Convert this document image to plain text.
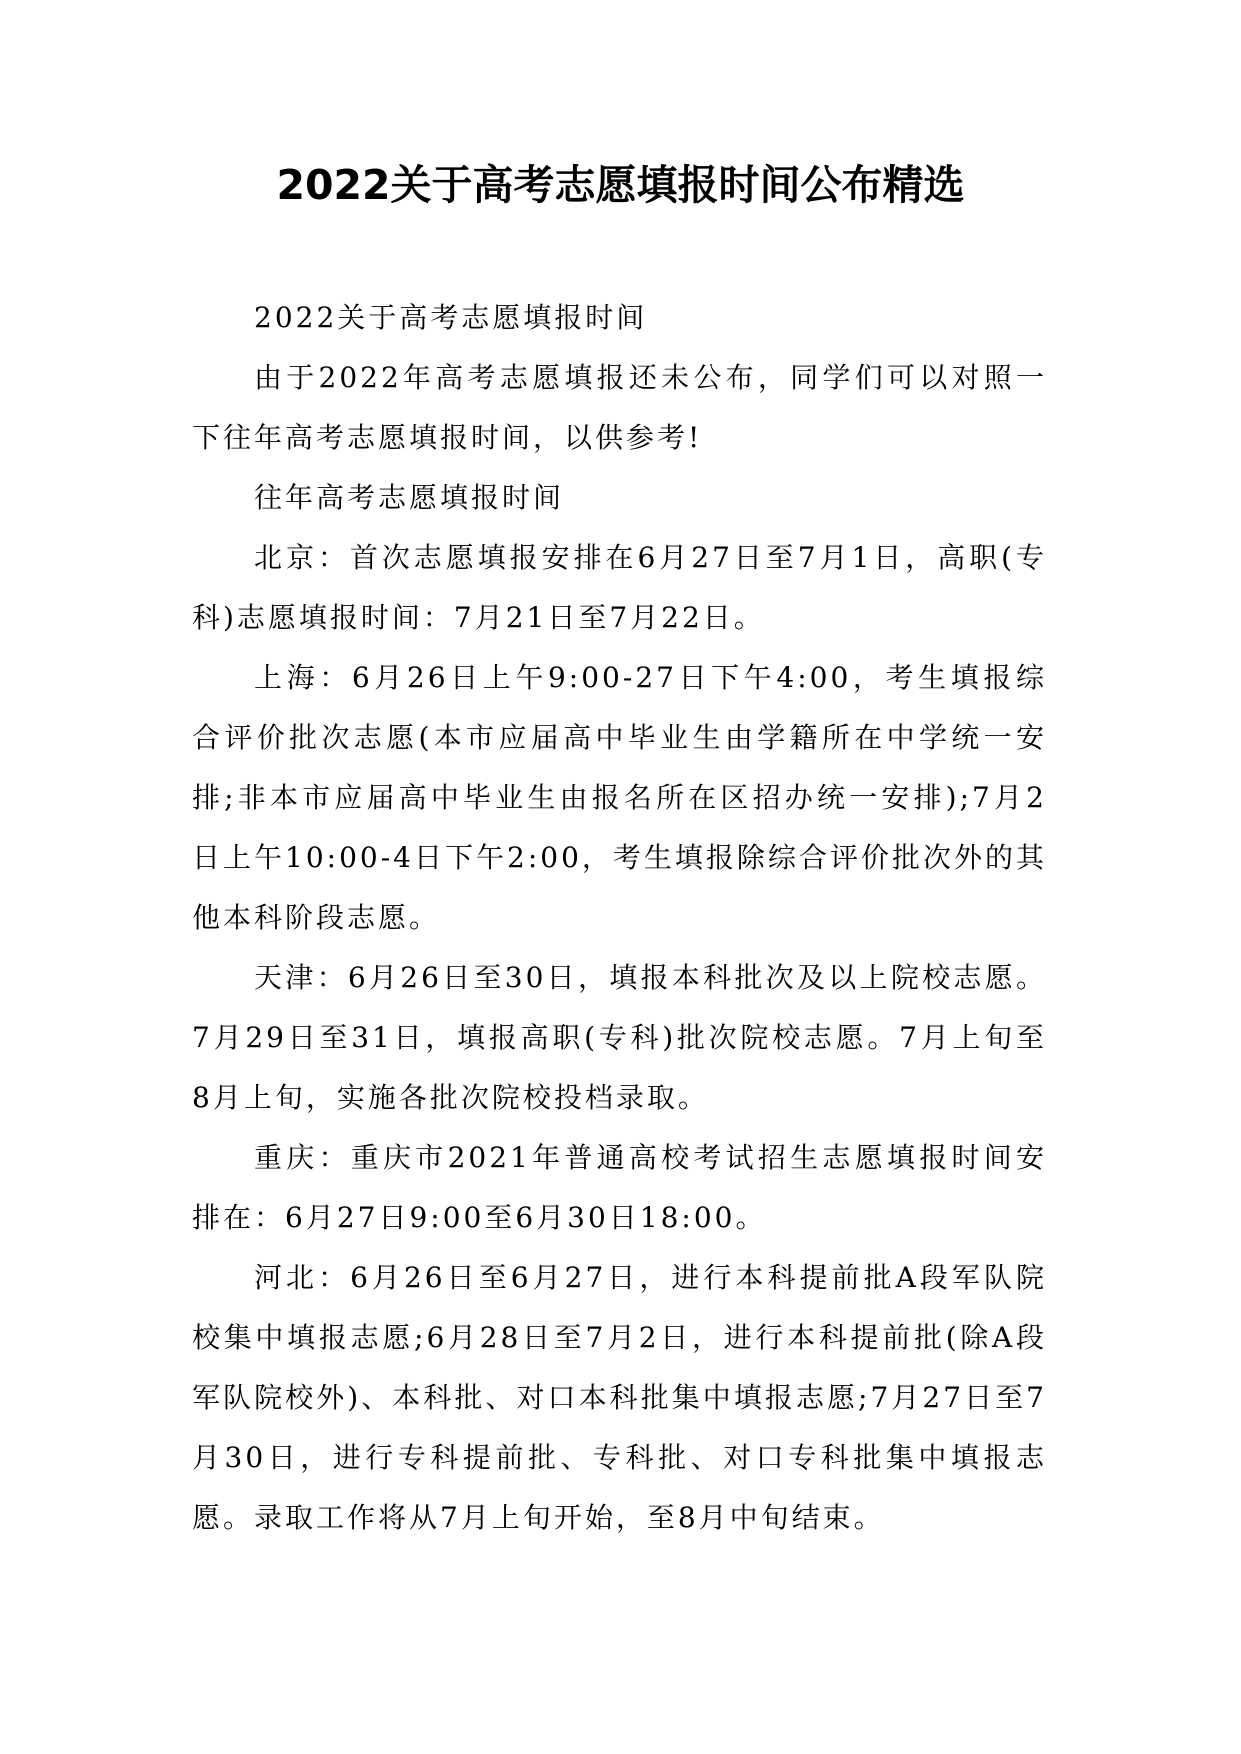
2022关于高考志愿填报时间公布精选

2022关于高考志愿填报时间

由于2022年高考志愿填报还未公布，同学们可以对照一下往年高考志愿填报时间，以供参考!

往年高考志愿填报时间

北京：首次志愿填报安排在6月27日至7月1日，高职(专科)志愿填报时间：7月21日至7月22日。

上海：6月26日上午9:00-27日下午4:00，考生填报综合评价批次志愿(本市应届高中毕业生由学籍所在中学统一安排;非本市应届高中毕业生由报名所在区招办统一安排);7月2日上午10:00-4日下午2:00，考生填报除综合评价批次外的其他本科阶段志愿。

天津：6月26日至30日，填报本科批次及以上院校志愿。7月29日至31日，填报高职(专科)批次院校志愿。7月上旬至8月上旬，实施各批次院校投档录取。

重庆：重庆市2021年普通高校考试招生志愿填报时间安排在：6月27日9:00至6月30日18:00。

河北：6月26日至6月27日，进行本科提前批A段军队院校集中填报志愿;6月28日至7月2日，进行本科提前批(除A段军队院校外)、本科批、对口本科批集中填报志愿;7月27日至7月30日，进行专科提前批、专科批、对口专科批集中填报志愿。录取工作将从7月上旬开始，至8月中旬结束。
